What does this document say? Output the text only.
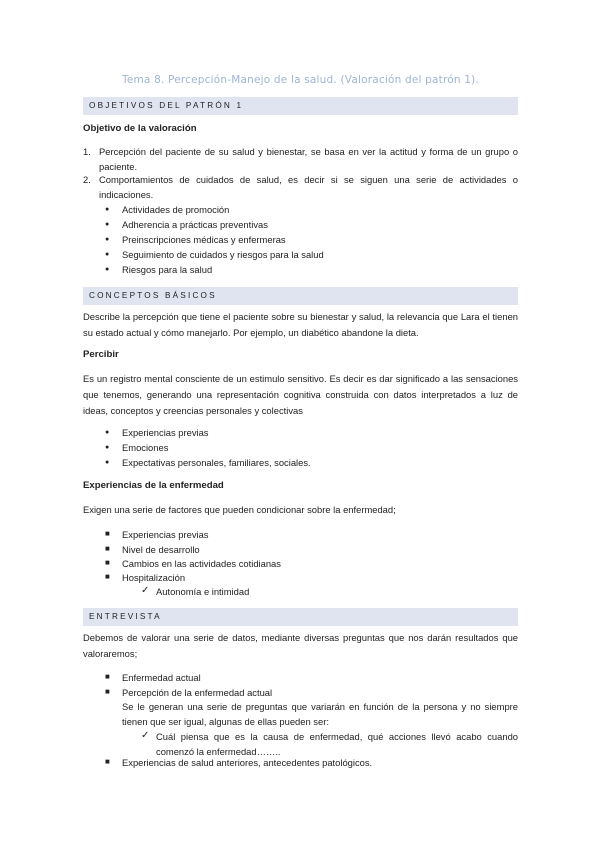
Tema 8. Percepción-Manejo de la salud. (Valoración del patrón 1).
OBJETIVOS DEL PATRÓN 1
Objetivo de la valoración
1. Percepción del paciente de su salud y bienestar, se basa en ver la actitud y forma de un grupo o paciente.
2. Comportamientos de cuidados de salud, es decir si se siguen una serie de actividades o indicaciones.
● Actividades de promoción
● Adherencia a prácticas preventivas
● Preinscripciones médicas y enfermeras
● Seguimiento de cuidados y riesgos para la salud
● Riesgos para la salud
CONCEPTOS BÁSICOS

Describe la percepción que tiene el paciente sobre su bienestar y salud, la relevancia que Lara el tienen su estado actual y cómo manejarlo. Por ejemplo, un diabético abandone la dieta.

Percibir

Es un registro mental consciente de un estimulo sensitivo. Es decir es dar significado a las sensaciones que tenemos, generando una representación cognitiva construida con datos interpretados a luz de ideas, conceptos y creencias personales y colectivas

● Experiencias previas
● Emociones
● Expectativas personales, familiares, sociales.
Experiencias de la enfermedad

Exigen una serie de factores que pueden condicionar sobre la enfermedad;

■ Experiencias previas
■ Nivel de desarrollo
■ Cambios en las actividades cotidianas
■ Hospitalización
✓ Autonomía e intimidad
ENTREVISTA

Debemos de valorar una serie de datos, mediante diversas preguntas que nos darán resultados que valoraremos;

■ Enfermedad actual
■ Percepción de la enfermedad actual
Se le generan una serie de preguntas que variarán en función de la persona y no siempre tienen que ser igual, algunas de ellas pueden ser:
✓ Cuál piensa que es la causa de enfermedad, qué acciones llevó acabo cuando comenzó la enfermedad……..
■ Experiencias de salud anteriores, antecedentes patológicos.
